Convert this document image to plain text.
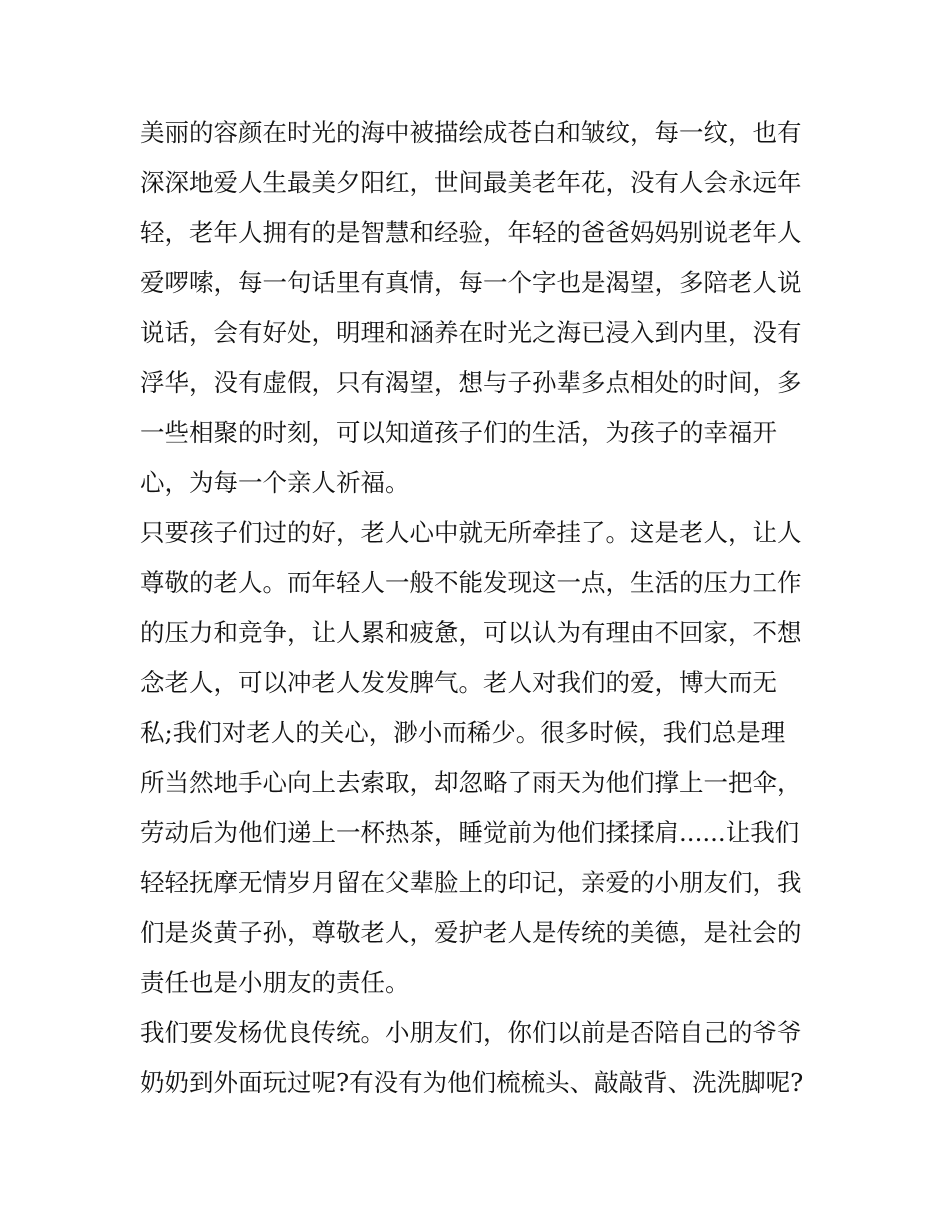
美丽的容颜在时光的海中被描绘成苍白和皱纹，每一纹，也有
深深地爱人生最美夕阳红，世间最美老年花，没有人会永远年
轻，老年人拥有的是智慧和经验，年轻的爸爸妈妈别说老年人
爱啰嗦，每一句话里有真情，每一个字也是渴望，多陪老人说
说话，会有好处，明理和涵养在时光之海已浸入到内里，没有
浮华，没有虚假，只有渴望，想与子孙辈多点相处的时间，多
一些相聚的时刻，可以知道孩子们的生活，为孩子的幸福开
心，为每一个亲人祈福。
只要孩子们过的好，老人心中就无所牵挂了。这是老人，让人
尊敬的老人。而年轻人一般不能发现这一点，生活的压力工作
的压力和竞争，让人累和疲惫，可以认为有理由不回家，不想
念老人，可以冲老人发发脾气。老人对我们的爱，博大而无
私;我们对老人的关心，渺小而稀少。很多时候，我们总是理
所当然地手心向上去索取，却忽略了雨天为他们撑上一把伞，
劳动后为他们递上一杯热茶，睡觉前为他们揉揉肩......让我们
轻轻抚摩无情岁月留在父辈脸上的印记，亲爱的小朋友们，我
们是炎黄子孙，尊敬老人，爱护老人是传统的美德，是社会的
责任也是小朋友的责任。
我们要发杨优良传统。小朋友们，你们以前是否陪自己的爷爷
奶奶到外面玩过呢?有没有为他们梳梳头、敲敲背、洗洗脚呢?
